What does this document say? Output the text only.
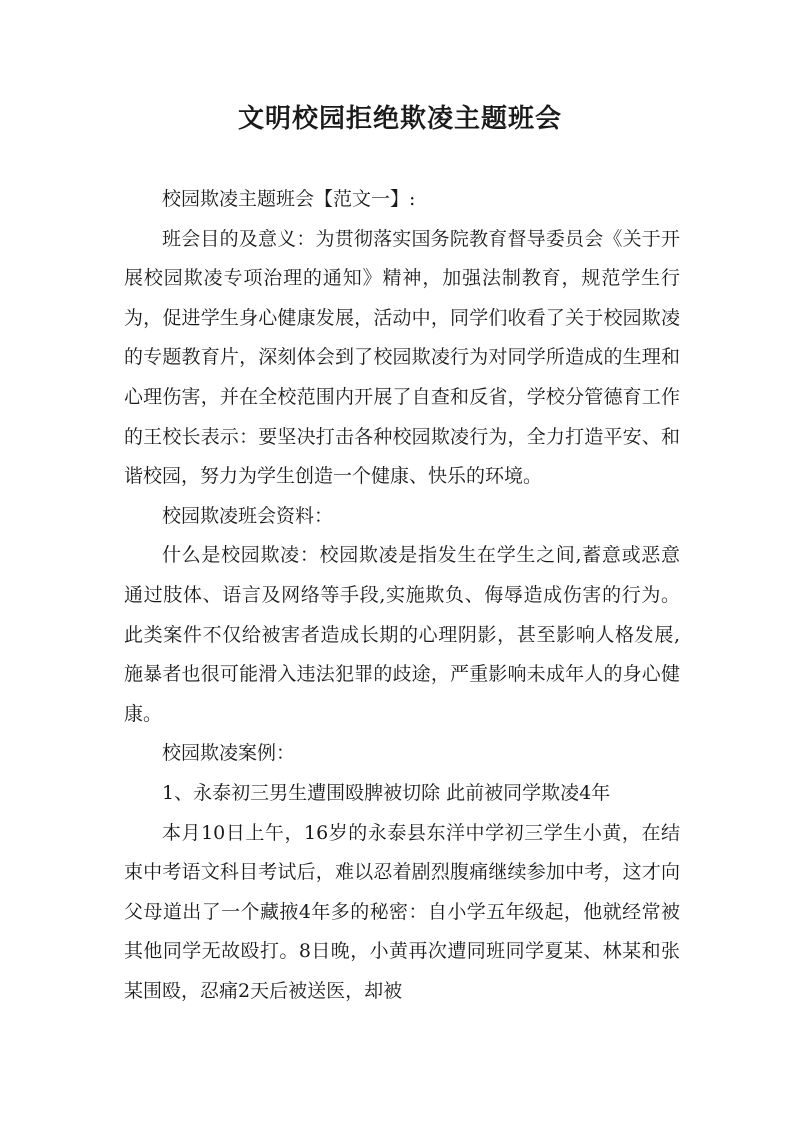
文明校园拒绝欺凌主题班会

校园欺凌主题班会【范文一】:

班会目的及意义：为贯彻落实国务院教育督导委员会《关于开展校园欺凌专项治理的通知》精神，加强法制教育，规范学生行为，促进学生身心健康发展，活动中，同学们收看了关于校园欺凌的专题教育片，深刻体会到了校园欺凌行为对同学所造成的生理和心理伤害，并在全校范围内开展了自查和反省，学校分管德育工作的王校长表示：要坚决打击各种校园欺凌行为，全力打造平安、和谐校园，努力为学生创造一个健康、快乐的环境。

校园欺凌班会资料：

什么是校园欺凌：校园欺凌是指发生在学生之间,蓄意或恶意通过肢体、语言及网络等手段,实施欺负、侮辱造成伤害的行为。此类案件不仅给被害者造成长期的心理阴影，甚至影响人格发展,施暴者也很可能滑入违法犯罪的歧途，严重影响未成年人的身心健康。

校园欺凌案例：

1、永泰初三男生遭围殴脾被切除 此前被同学欺凌4年

本月10日上午，16岁的永泰县东洋中学初三学生小黄，在结束中考语文科目考试后，难以忍着剧烈腹痛继续参加中考，这才向父母道出了一个藏掖4年多的秘密：自小学五年级起，他就经常被其他同学无故殴打。8日晚，小黄再次遭同班同学夏某、林某和张某围殴，忍痛2天后被送医，却被
